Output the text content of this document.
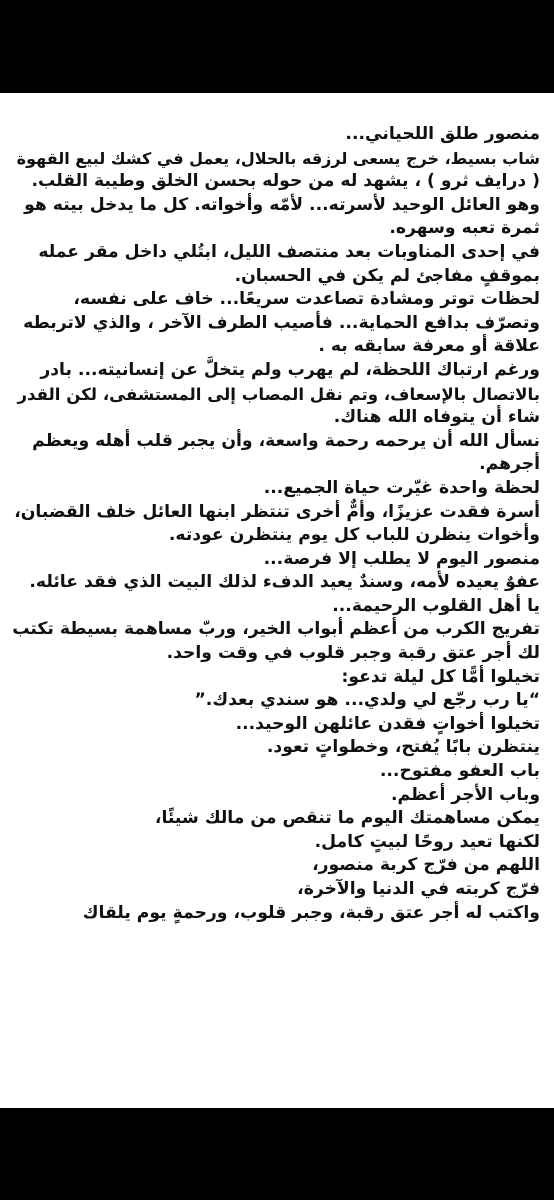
منصور طلق اللحياني...
شاب بسيط، خرج يسعى لرزقه بالحلال، يعمل في كشك لبيع القهوة
( درايف ثرو ) ، يشهد له من حوله بحسن الخلق وطيبة القلب.
وهو العائل الوحيد لأسرته... لأمّه وأخواته. كل ما يدخل بيته هو
ثمرة تعبه وسهره.
في إحدى المناوبات بعد منتصف الليل، ابتُلي داخل مقر عمله
بموقفٍ مفاجئ لم يكن في الحسبان.
لحظات توتر ومشادة تصاعدت سريعًا... خاف على نفسه،
وتصرّف بدافع الحماية... فأصيب الطرف الآخر ، والذي لاتربطه
علاقة أو معرفة سابقه به .
ورغم ارتباك اللحظة، لم يهرب ولم يتخلَّ عن إنسانيته... بادر
بالاتصال بالإسعاف، وتم نقل المصاب إلى المستشفى، لكن القدر
شاء أن يتوفاه الله هناك.
نسأل الله أن يرحمه رحمة واسعة، وأن يجبر قلب أهله ويعظم
أجرهم.
لحظة واحدة غيّرت حياة الجميع...
أسرة فقدت عزيزًا، وأمٌّ أخرى تنتظر ابنها العائل خلف القضبان،
وأخوات ينظرن للباب كل يوم ينتظرن عودته.
منصور اليوم لا يطلب إلا فرصة...
عفوٌ يعيده لأمه، وسندٌ يعيد الدفء لذلك البيت الذي فقد عائله.
يا أهل القلوب الرحيمة...
تفريج الكرب من أعظم أبواب الخير، وربّ مساهمة بسيطة تكتب
لك أجر عتق رقبة وجبر قلوب في وقت واحد.
تخيلوا أمًّا كل ليلة تدعو:
“يا رب رجّع لي ولدي... هو سندي بعدك.”
تخيلوا أخواتٍ فقدن عائلهن الوحيد...
ينتظرن بابًا يُفتح، وخطواتٍ تعود.
باب العفو مفتوح...
وباب الأجر أعظم.
يمكن مساهمتك اليوم ما تنقص من مالك شيئًا،
لكنها تعيد روحًا لبيتٍ كامل.
اللهم من فرّج كربة منصور،
فرّج كربته في الدنيا والآخرة،
واكتب له أجر عتق رقبة، وجبر قلوب، ورحمةٍ يوم يلقاك
